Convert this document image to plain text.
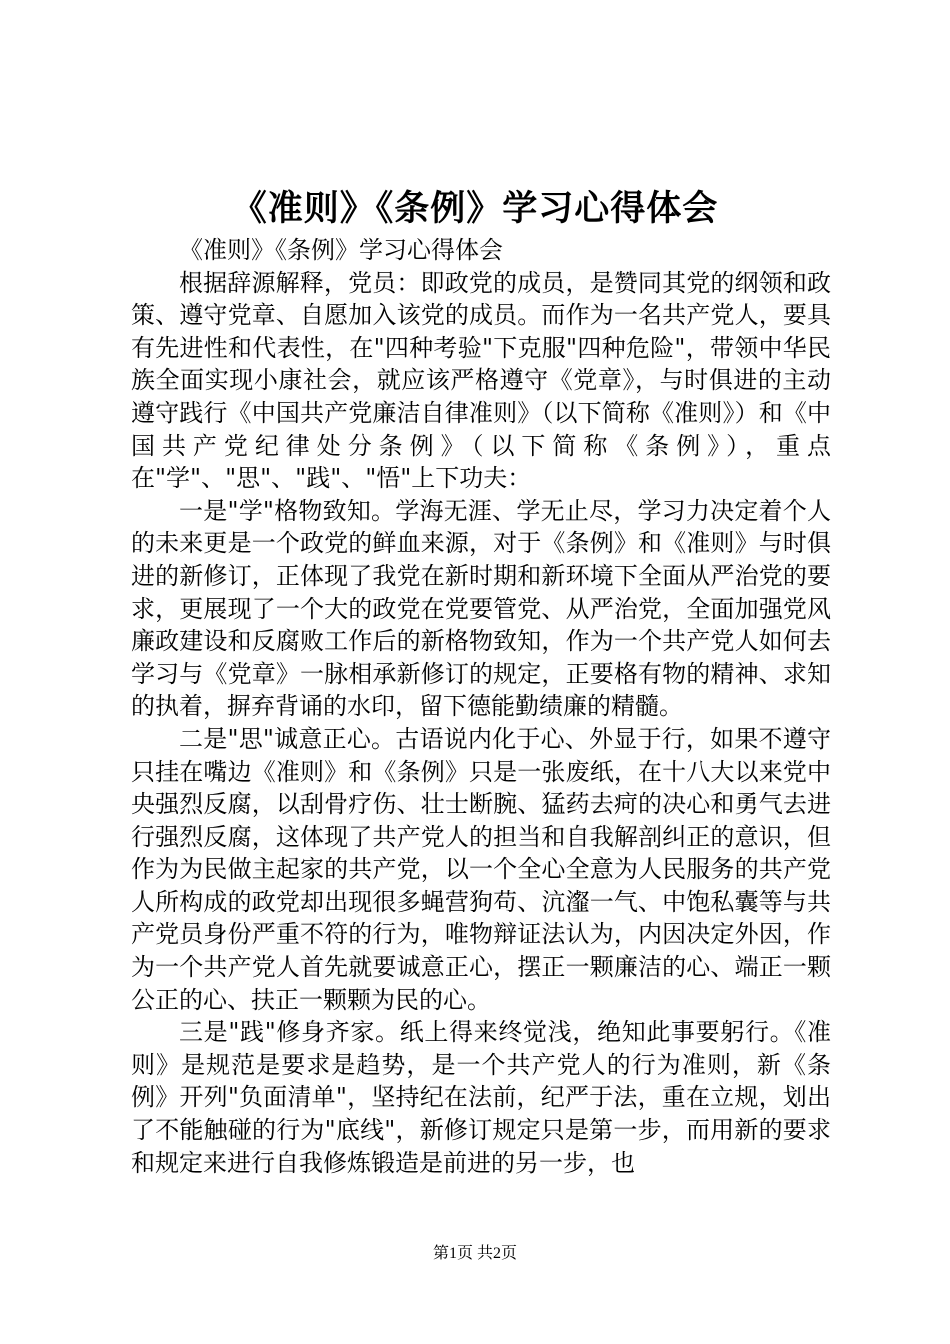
《准则》《条例》学习心得体会

《准则》《条例》学习心得体会

根据辞源解释，党员：即政党的成员，是赞同其党的纲领和政策、遵守党章、自愿加入该党的成员。而作为一名共产党人，要具有先进性和代表性，在"四种考验"下克服"四种危险"，带领中华民族全面实现小康社会，就应该严格遵守《党章》，与时俱进的主动遵守践行《中国共产党廉洁自律准则》（以下简称《准则》）和《中国共产党纪律处分条例》（以下简称《条例》），重点在"学"、"思"、"践"、"悟"上下功夫：

一是"学"格物致知。学海无涯、学无止尽，学习力决定着个人的未来更是一个政党的鲜血来源，对于《条例》和《准则》与时俱进的新修订，正体现了我党在新时期和新环境下全面从严治党的要求，更展现了一个大的政党在党要管党、从严治党，全面加强党风廉政建设和反腐败工作后的新格物致知，作为一个共产党人如何去学习与《党章》一脉相承新修订的规定，正要格有物的精神、求知的执着，摒弃背诵的水印，留下德能勤绩廉的精髓。

二是"思"诚意正心。古语说内化于心、外显于行，如果不遵守只挂在嘴边《准则》和《条例》只是一张废纸，在十八大以来党中央强烈反腐，以刮骨疗伤、壮士断腕、猛药去疴的决心和勇气去进行强烈反腐，这体现了共产党人的担当和自我解剖纠正的意识，但作为为民做主起家的共产党，以一个全心全意为人民服务的共产党人所构成的政党却出现很多蝇营狗苟、沆瀣一气、中饱私囊等与共产党员身份严重不符的行为，唯物辩证法认为，内因决定外因，作为一个共产党人首先就要诚意正心，摆正一颗廉洁的心、端正一颗公正的心、扶正一颗颗为民的心。

三是"践"修身齐家。纸上得来终觉浅，绝知此事要躬行。《准则》是规范是要求是趋势，是一个共产党人的行为准则，新《条例》开列"负面清单"，坚持纪在法前，纪严于法，重在立规，划出了不能触碰的行为"底线"，新修订规定只是第一步，而用新的要求和规定来进行自我修炼锻造是前进的另一步，也

第1页 共2页
